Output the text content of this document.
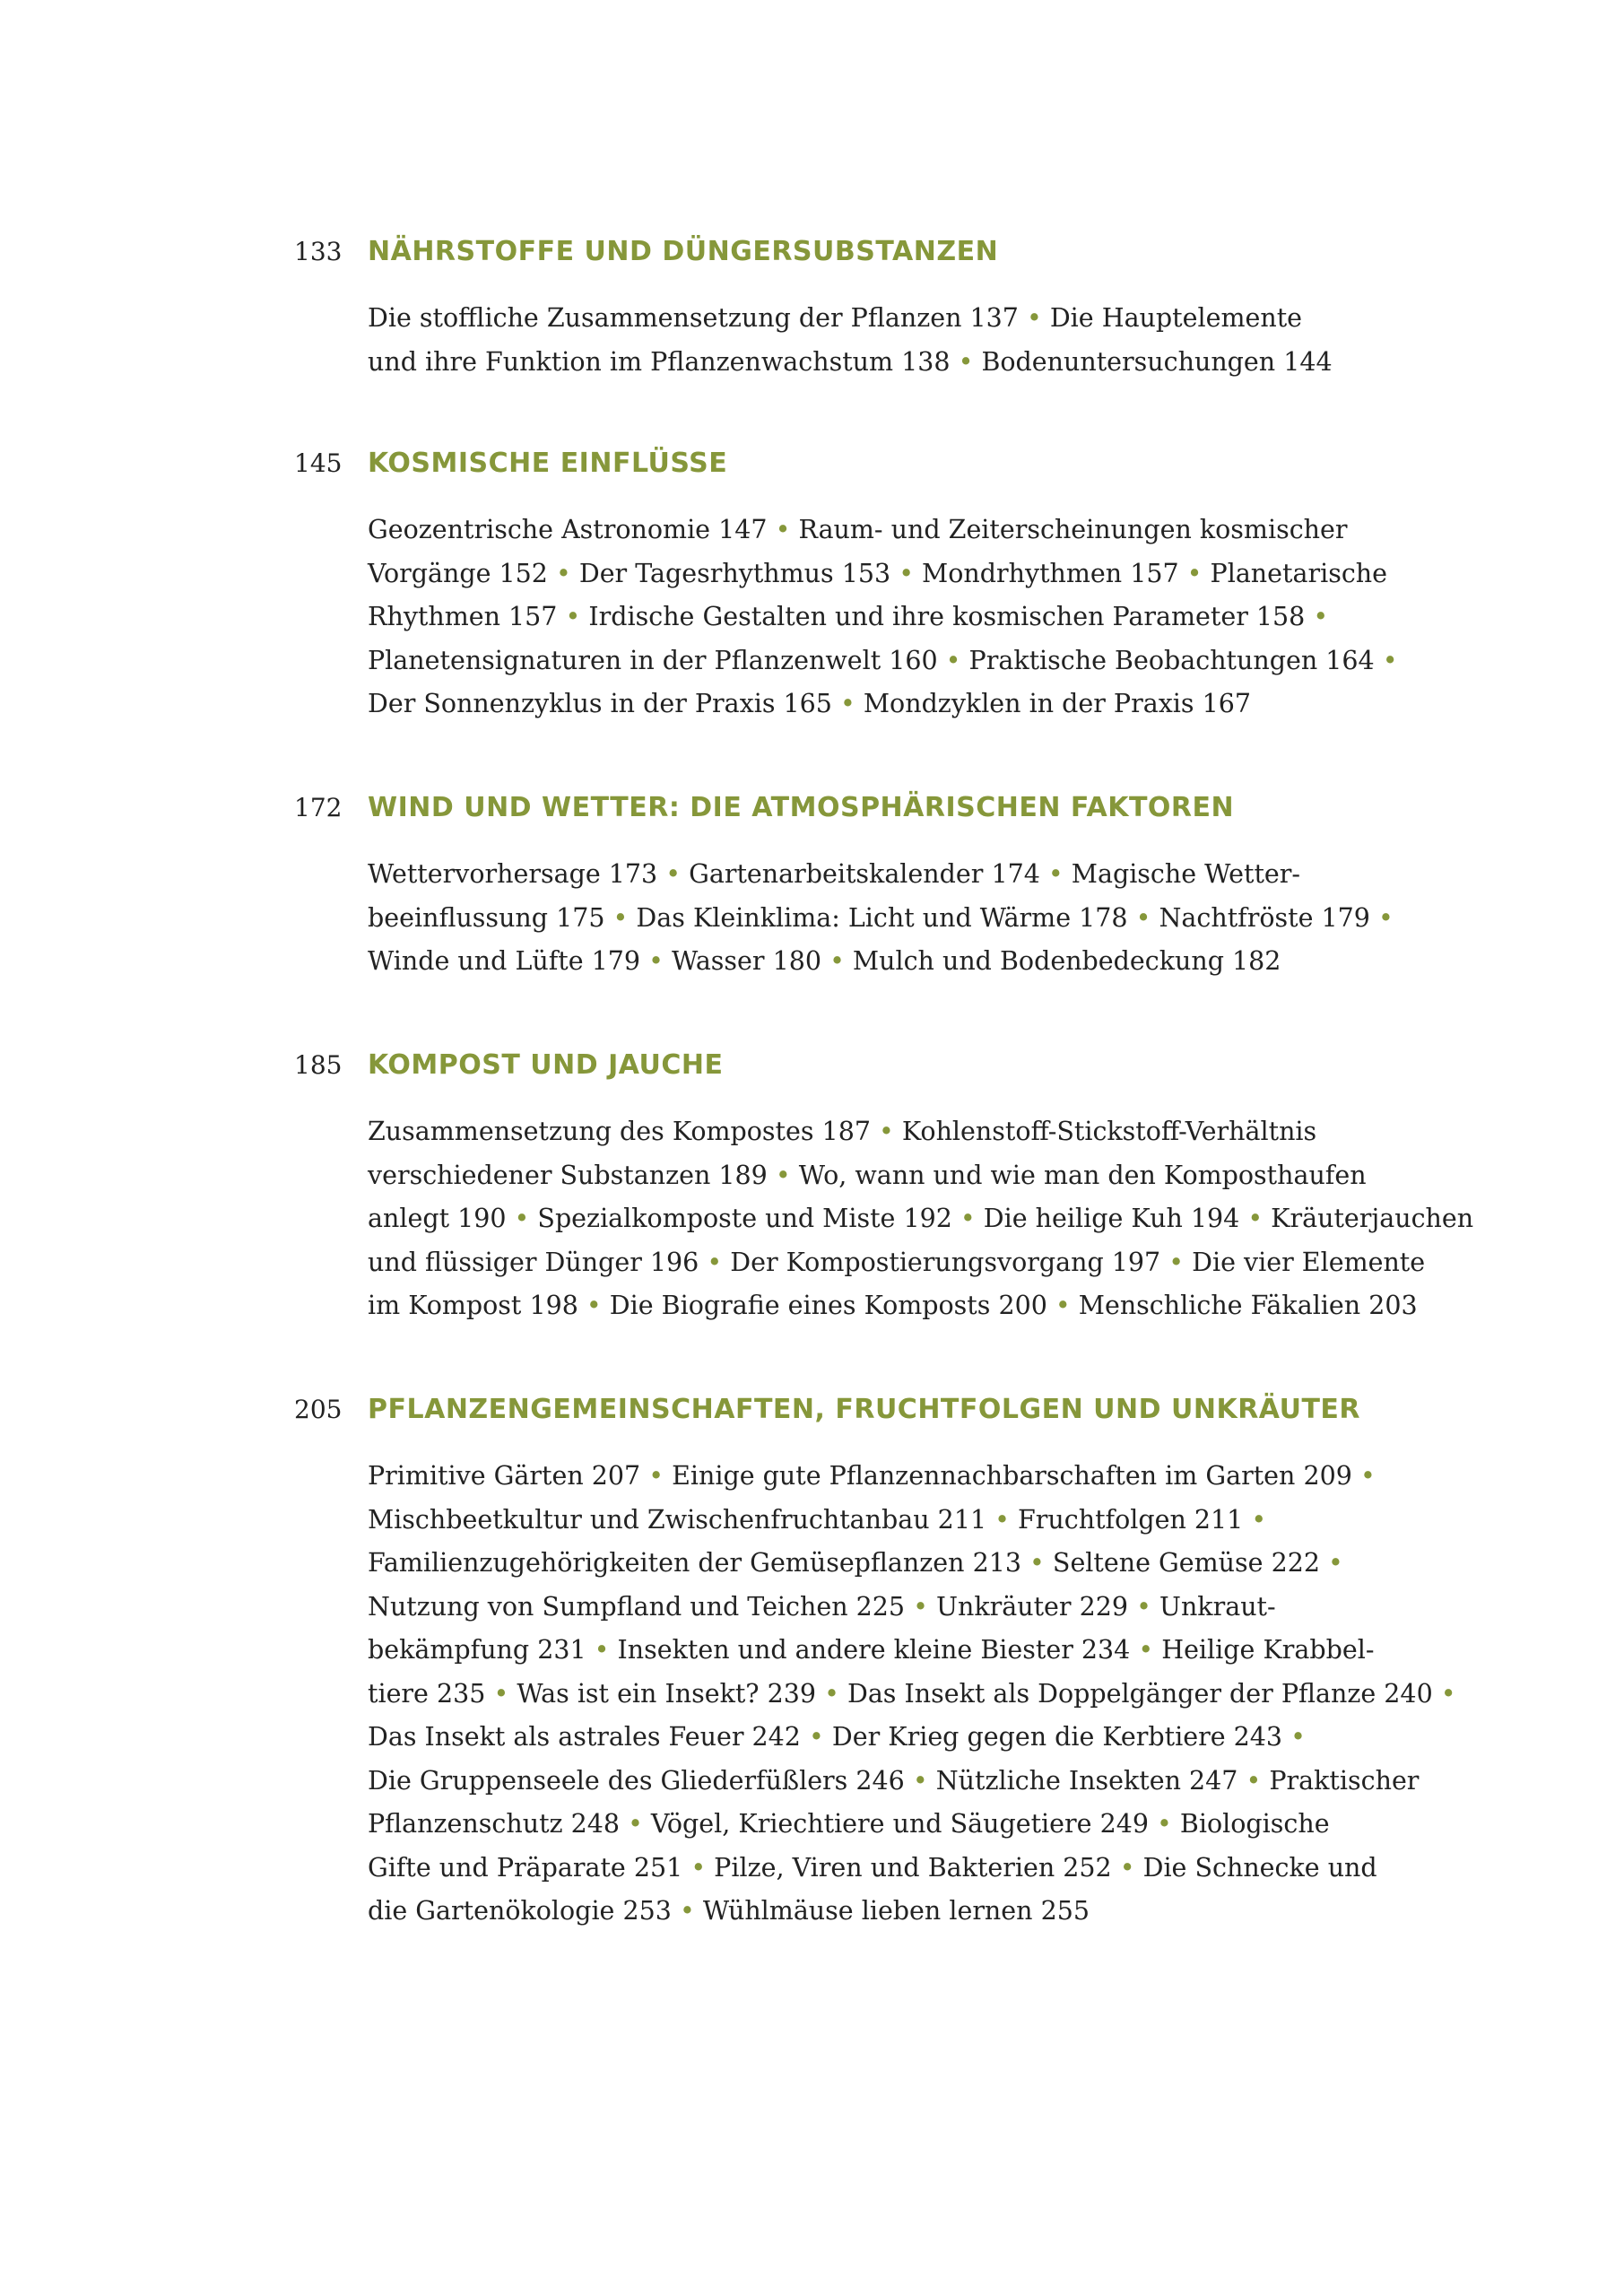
133 NÄHRSTOFFE UND DÜNGERSUBSTANZEN
Die stoffliche Zusammensetzung der Pflanzen 137 • Die Hauptelemente
und ihre Funktion im Pflanzenwachstum 138 • Bodenuntersuchungen 144
145 KOSMISCHE EINFLÜSSE
Geozentrische Astronomie 147 • Raum- und Zeiterscheinungen kosmischer
Vorgänge 152 • Der Tagesrhythmus 153 • Mondrhythmen 157 • Planetarische
Rhythmen 157 • Irdische Gestalten und ihre kosmischen Parameter 158 •
Planetensignaturen in der Pflanzenwelt 160 • Praktische Beobachtungen 164 •
Der Sonnenzyklus in der Praxis 165 • Mondzyklen in der Praxis 167
172 WIND UND WETTER: DIE ATMOSPHÄRISCHEN FAKTOREN
Wettervorhersage 173 • Gartenarbeitskalender 174 • Magische Wetter-
beeinflussung 175 • Das Kleinklima: Licht und Wärme 178 • Nachtfröste 179 •
Winde und Lüfte 179 • Wasser 180 • Mulch und Bodenbedeckung 182
185 KOMPOST UND JAUCHE
Zusammensetzung des Kompostes 187 • Kohlenstoff-Stickstoff-Verhältnis
verschiedener Substanzen 189 • Wo, wann und wie man den Komposthaufen
anlegt 190 • Spezialkomposte und Miste 192 • Die heilige Kuh 194 • Kräuterjauchen
und flüssiger Dünger 196 • Der Kompostierungsvorgang 197 • Die vier Elemente
im Kompost 198 • Die Biografie eines Komposts 200 • Menschliche Fäkalien 203
205 PFLANZENGEMEINSCHAFTEN, FRUCHTFOLGEN UND UNKRÄUTER
Primitive Gärten 207 • Einige gute Pflanzennachbarschaften im Garten 209 •
Mischbeetkultur und Zwischenfruchtanbau 211 • Fruchtfolgen 211 •
Familienzugehörigkeiten der Gemüsepflanzen 213 • Seltene Gemüse 222 •
Nutzung von Sumpfland und Teichen 225 • Unkräuter 229 • Unkraut-
bekämpfung 231 • Insekten und andere kleine Biester 234 • Heilige Krabbel-
tiere 235 • Was ist ein Insekt? 239 • Das Insekt als Doppelgänger der Pflanze 240 •
Das Insekt als astrales Feuer 242 • Der Krieg gegen die Kerbtiere 243 •
Die Gruppenseele des Gliederfüßlers 246 • Nützliche Insekten 247 • Praktischer
Pflanzenschutz 248 • Vögel, Kriechtiere und Säugetiere 249 • Biologische
Gifte und Präparate 251 • Pilze, Viren und Bakterien 252 • Die Schnecke und
die Gartenökologie 253 • Wühlmäuse lieben lernen 255
